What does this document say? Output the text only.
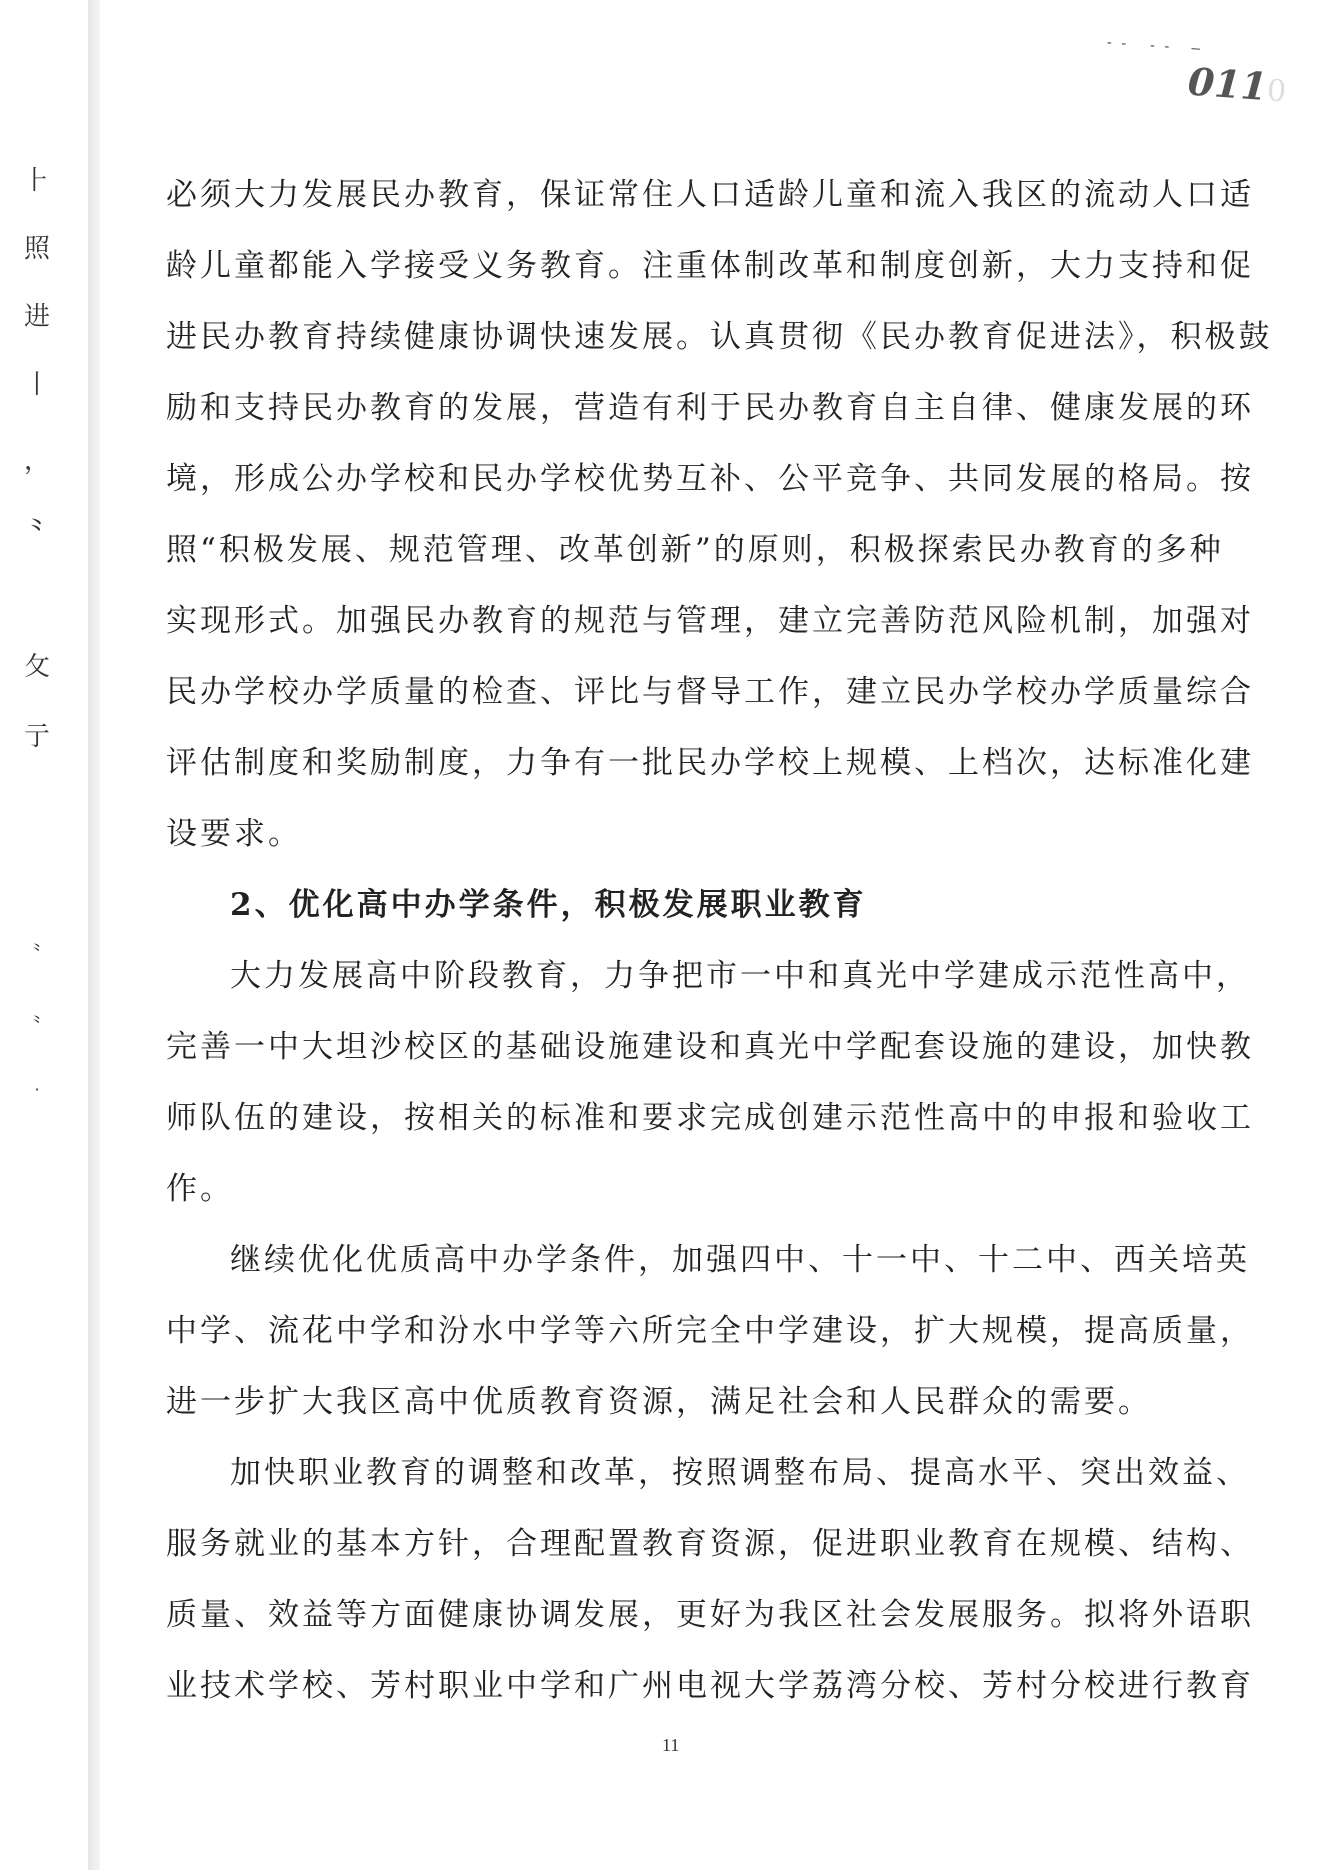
⺊
照
进
丨
，
⺀
攵
亍
⺀
⺀
·
-- -- —
0110
必须大力发展民办教育，保证常住人口适龄儿童和流入我区的流动人口适
龄儿童都能入学接受义务教育。注重体制改革和制度创新，大力支持和促
进民办教育持续健康协调快速发展。认真贯彻《民办教育促进法》，积极鼓
励和支持民办教育的发展，营造有利于民办教育自主自律、健康发展的环
境，形成公办学校和民办学校优势互补、公平竞争、共同发展的格局。按
照“积极发展、规范管理、改革创新”的原则，积极探索民办教育的多种
实现形式。加强民办教育的规范与管理，建立完善防范风险机制，加强对
民办学校办学质量的检查、评比与督导工作，建立民办学校办学质量综合
评估制度和奖励制度，力争有一批民办学校上规模、上档次，达标准化建
设要求。
2、优化高中办学条件，积极发展职业教育
大力发展高中阶段教育，力争把市一中和真光中学建成示范性高中，
完善一中大坦沙校区的基础设施建设和真光中学配套设施的建设，加快教
师队伍的建设，按相关的标准和要求完成创建示范性高中的申报和验收工
作。
继续优化优质高中办学条件，加强四中、十一中、十二中、西关培英
中学、流花中学和汾水中学等六所完全中学建设，扩大规模，提高质量，
进一步扩大我区高中优质教育资源，满足社会和人民群众的需要。
加快职业教育的调整和改革，按照调整布局、提高水平、突出效益、
服务就业的基本方针，合理配置教育资源，促进职业教育在规模、结构、
质量、效益等方面健康协调发展，更好为我区社会发展服务。拟将外语职
业技术学校、芳村职业中学和广州电视大学荔湾分校、芳村分校进行教育
11
